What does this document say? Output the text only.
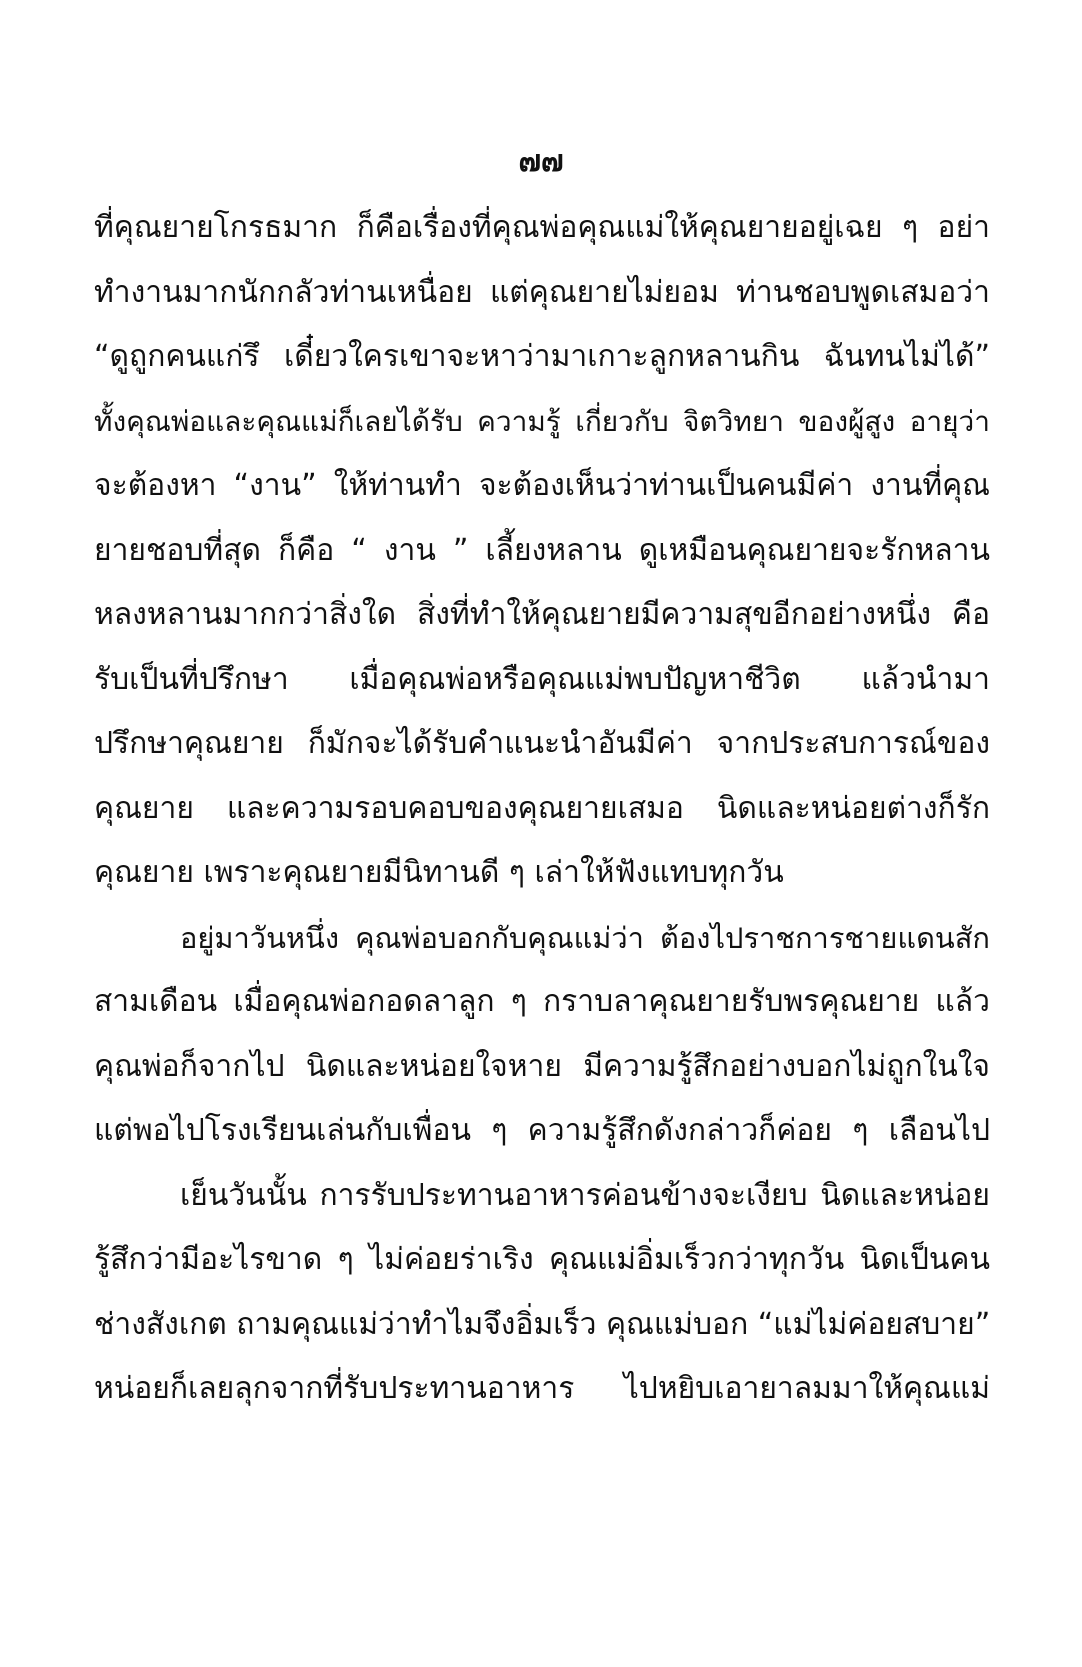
๗๗
ที่คุณยายโกรธมาก ก็คือเรื่องที่คุณพ่อคุณแม่ให้คุณยายอยู่เฉย ๆ อย่า
ทำงานมากนักกลัวท่านเหนื่อย แต่คุณยายไม่ยอม ท่านชอบพูดเสมอว่า
“ดูถูกคนแก่รึ เดี๋ยวใครเขาจะหาว่ามาเกาะลูกหลานกิน ฉันทนไม่ได้”
ทั้งคุณพ่อและคุณแม่ก็เลยได้รับ ความรู้ เกี่ยวกับ จิตวิทยา ของผู้สูง อายุว่า
จะต้องหา “งาน” ให้ท่านทำ จะต้องเห็นว่าท่านเป็นคนมีค่า งานที่คุณ
ยายชอบที่สุด ก็คือ “ งาน ” เลี้ยงหลาน ดูเหมือนคุณยายจะรักหลาน
หลงหลานมากกว่าสิ่งใด สิ่งที่ทำให้คุณยายมีความสุขอีกอย่างหนึ่ง คือ
รับเป็นที่ปรึกษา เมื่อคุณพ่อหรือคุณแม่พบปัญหาชีวิต แล้วนำมา
ปรึกษาคุณยาย ก็มักจะได้รับคำแนะนำอันมีค่า จากประสบการณ์ของ
คุณยาย และความรอบคอบของคุณยายเสมอ นิดและหน่อยต่างก็รัก
คุณยาย เพราะคุณยายมีนิทานดี ๆ เล่าให้ฟังแทบทุกวัน
อยู่มาวันหนึ่ง คุณพ่อบอกกับคุณแม่ว่า ต้องไปราชการชายแดนสัก
สามเดือน เมื่อคุณพ่อกอดลาลูก ๆ กราบลาคุณยายรับพรคุณยาย แล้ว
คุณพ่อก็จากไป นิดและหน่อยใจหาย มีความรู้สึกอย่างบอกไม่ถูกในใจ
แต่พอไปโรงเรียนเล่นกับเพื่อน ๆ ความรู้สึกดังกล่าวก็ค่อย ๆ เลือนไป
เย็นวันนั้น การรับประทานอาหารค่อนข้างจะเงียบ นิดและหน่อย
รู้สึกว่ามีอะไรขาด ๆ ไม่ค่อยร่าเริง คุณแม่อิ่มเร็วกว่าทุกวัน นิดเป็นคน
ช่างสังเกต ถามคุณแม่ว่าทำไมจึงอิ่มเร็ว คุณแม่บอก “แม่ไม่ค่อยสบาย”
หน่อยก็เลยลุกจากที่รับประทานอาหาร ไปหยิบเอายาลมมาให้คุณแม่
